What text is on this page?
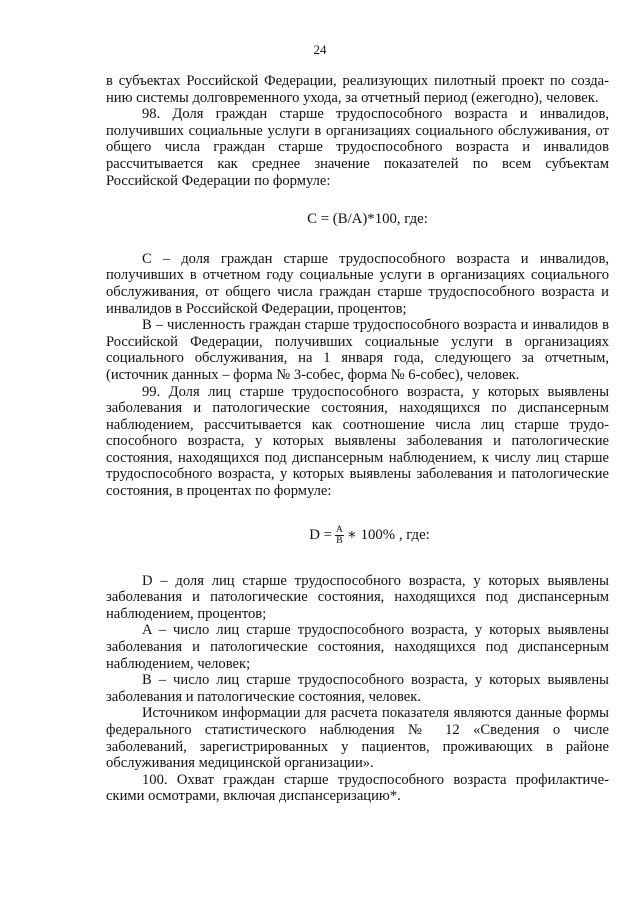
24

в субъектах Российской Федерации, реализующих пилотный проект по созданию системы долговременного ухода, за отчетный период (ежегодно), человек.

98. Доля граждан старше трудоспособного возраста и инвалидов, получивших социальные услуги в организациях социального обслуживания, от общего числа граждан старше трудоспособного возраста и инвалидов рассчитывается как среднее значение показателей по всем субъектам Российской Федерации по формуле:

C = (B/A)*100, где:

C – доля граждан старше трудоспособного возраста и инвалидов, получивших в отчетном году социальные услуги в организациях социального обслуживания, от общего числа граждан старше трудоспособного возраста и инвалидов в Российской Федерации, процентов;

B – численность граждан старше трудоспособного возраста и инвалидов в Российской Федерации, получивших социальные услуги в организациях социального обслуживания, на 1 января года, следующего за отчетным, (источник данных – форма № 3-собес, форма № 6-собес), человек.

99. Доля лиц старше трудоспособного возраста, у которых выявлены заболевания и патологические состояния, находящихся по диспансерным наблюдением, рассчитывается как соотношение числа лиц старше трудоспособного возраста, у которых выявлены заболевания и патологические состояния, находящихся под диспансерным наблюдением, к числу лиц старше трудоспособного возраста, у которых выявлены заболевания и патологические состояния, в процентах по формуле:

$D = \frac{A}{B}$ ∗ 100% , где:

D – доля лиц старше трудоспособного возраста, у которых выявлены заболевания и патологические состояния, находящихся под диспансерным наблюдением, процентов;

A – число лиц старше трудоспособного возраста, у которых выявлены заболевания и патологические состояния, находящихся под диспансерным наблюдением, человек;

B – число лиц старше трудоспособного возраста, у которых выявлены заболевания и патологические состояния, человек.

Источником информации для расчета показателя являются данные формы федерального статистического наблюдения № 12 «Сведения о числе заболеваний, зарегистрированных у пациентов, проживающих в районе обслуживания медицинской организации».

100. Охват граждан старше трудоспособного возраста профилактическими осмотрами, включая диспансеризацию*.
